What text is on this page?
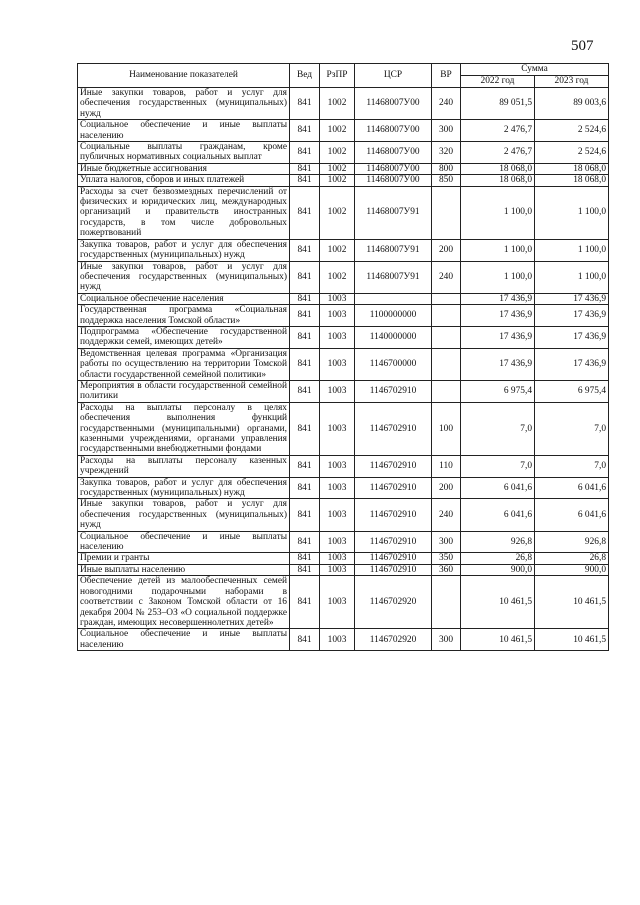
507
Наименование показателей	Вед	РзПР	ЦСР	ВР	Сумма	
					2022 год	2023 год
Иные закупки товаров, работ и услуг для обеспечения государственных (муниципальных) нужд	841	1002	11468007У00	240	89 051,5	89 003,6
Социальное обеспечение и иные выплаты населению	841	1002	11468007У00	300	2 476,7	2 524,6
Социальные выплаты гражданам, кроме публичных нормативных социальных выплат	841	1002	11468007У00	320	2 476,7	2 524,6
Иные бюджетные ассигнования	841	1002	11468007У00	800	18 068,0	18 068,0
Уплата налогов, сборов и иных платежей	841	1002	11468007У00	850	18 068,0	18 068,0
Расходы за счет безвозмездных перечислений от физических и юридических лиц, международных организаций и правительств иностранных государств, в том числе добровольных пожертвований	841	1002	11468007У91		1 100,0	1 100,0
Закупка товаров, работ и услуг для обеспечения государственных (муниципальных) нужд	841	1002	11468007У91	200	1 100,0	1 100,0
Иные закупки товаров, работ и услуг для обеспечения государственных (муниципальных) нужд	841	1002	11468007У91	240	1 100,0	1 100,0
Социальное обеспечение населения	841	1003			17 436,9	17 436,9
Государственная программа «Социальная поддержка населения Томской области»	841	1003	1100000000		17 436,9	17 436,9
Подпрограмма «Обеспечение государственной поддержки семей, имеющих детей»	841	1003	1140000000		17 436,9	17 436,9
Ведомственная целевая программа «Организация работы по осуществлению на территории Томской области государственной семейной политики»	841	1003	1146700000		17 436,9	17 436,9
Мероприятия в области государственной семейной политики	841	1003	1146702910		6 975,4	6 975,4
Расходы на выплаты персоналу в целях обеспечения выполнения функций государственными (муниципальными) органами, казенными учреждениями, органами управления государственными внебюджетными фондами	841	1003	1146702910	100	7,0	7,0
Расходы на выплаты персоналу казенных учреждений	841	1003	1146702910	110	7,0	7,0
Закупка товаров, работ и услуг для обеспечения государственных (муниципальных) нужд	841	1003	1146702910	200	6 041,6	6 041,6
Иные закупки товаров, работ и услуг для обеспечения государственных (муниципальных) нужд	841	1003	1146702910	240	6 041,6	6 041,6
Социальное обеспечение и иные выплаты населению	841	1003	1146702910	300	926,8	926,8
Премии и гранты	841	1003	1146702910	350	26,8	26,8
Иные выплаты населению	841	1003	1146702910	360	900,0	900,0
Обеспечение детей из малообеспеченных семей новогодними подарочными наборами в соответствии с Законом Томской области от 16 декабря 2004 № 253–ОЗ «О социальной поддержке граждан, имеющих несовершеннолетних детей»	841	1003	1146702920		10 461,5	10 461,5
Социальное обеспечение и иные выплаты населению	841	1003	1146702920	300	10 461,5	10 461,5
